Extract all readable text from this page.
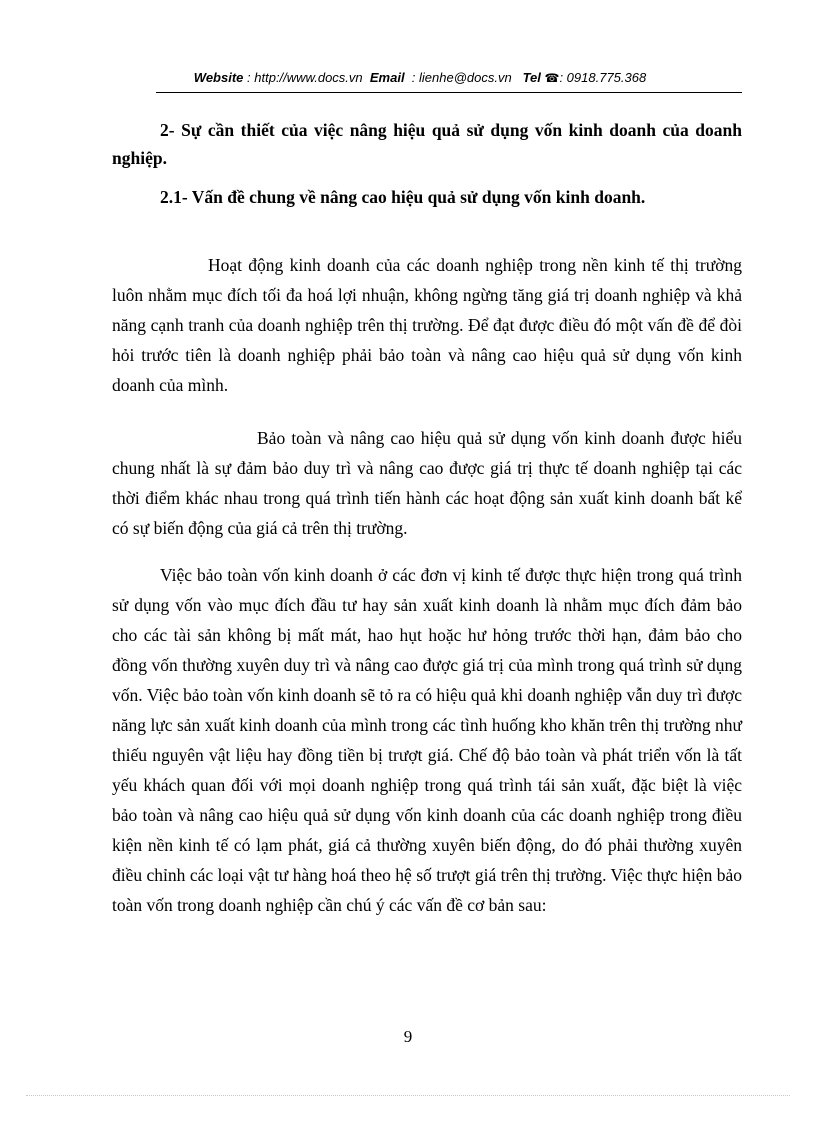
Website : http://www.docs.vn Email : lienhe@docs.vn Tel ☎: 0918.775.368
2- Sự cần thiết của việc nâng hiệu quả sử dụng vốn kinh doanh của doanh nghiệp.
2.1- Vấn đề chung về nâng cao hiệu quả sử dụng vốn kinh doanh.
Hoạt động kinh doanh của các doanh nghiệp trong nền kinh tế thị trường luôn nhằm mục đích tối đa hoá lợi nhuận, không ngừng tăng giá trị doanh nghiệp và khả năng cạnh tranh của doanh nghiệp trên thị trường. Để đạt được điều đó một vấn đề để đòi hỏi trước tiên là doanh nghiệp phải bảo toàn và nâng cao hiệu quả sử dụng vốn kinh doanh của mình.
Bảo toàn và nâng cao hiệu quả sử dụng vốn kinh doanh được hiểu chung nhất là sự đảm bảo duy trì và nâng cao được giá trị thực tế doanh nghiệp tại các thời điểm khác nhau trong quá trình tiến hành các hoạt động sản xuất kinh doanh bất kể có sự biến động của giá cả trên thị trường.
Việc bảo toàn vốn kinh doanh ở các đơn vị kinh tế được thực hiện trong quá trình sử dụng vốn vào mục đích đầu tư hay sản xuất kinh doanh là nhằm mục đích đảm bảo cho các tài sản không bị mất mát, hao hụt hoặc hư hỏng trước thời hạn, đảm bảo cho đồng vốn thường xuyên duy trì và nâng cao được giá trị của mình trong quá trình sử dụng vốn. Việc bảo toàn vốn kinh doanh sẽ tỏ ra có hiệu quả khi doanh nghiệp vẫn duy trì được năng lực sản xuất kinh doanh của mình trong các tình huống kho khăn trên thị trường như thiếu nguyên vật liệu hay đồng tiền bị trượt giá. Chế độ bảo toàn và phát triển vốn là tất yếu khách quan đối với mọi doanh nghiệp trong quá trình tái sản xuất, đặc biệt là việc bảo toàn và nâng cao hiệu quả sử dụng vốn kinh doanh của các doanh nghiệp trong điều kiện nền kinh tế có lạm phát, giá cả thường xuyên biến động, do đó phải thường xuyên điều chỉnh các loại vật tư hàng hoá theo hệ số trượt giá trên thị trường. Việc thực hiện bảo toàn vốn trong doanh nghiệp cần chú ý các vấn đề cơ bản sau:
9
